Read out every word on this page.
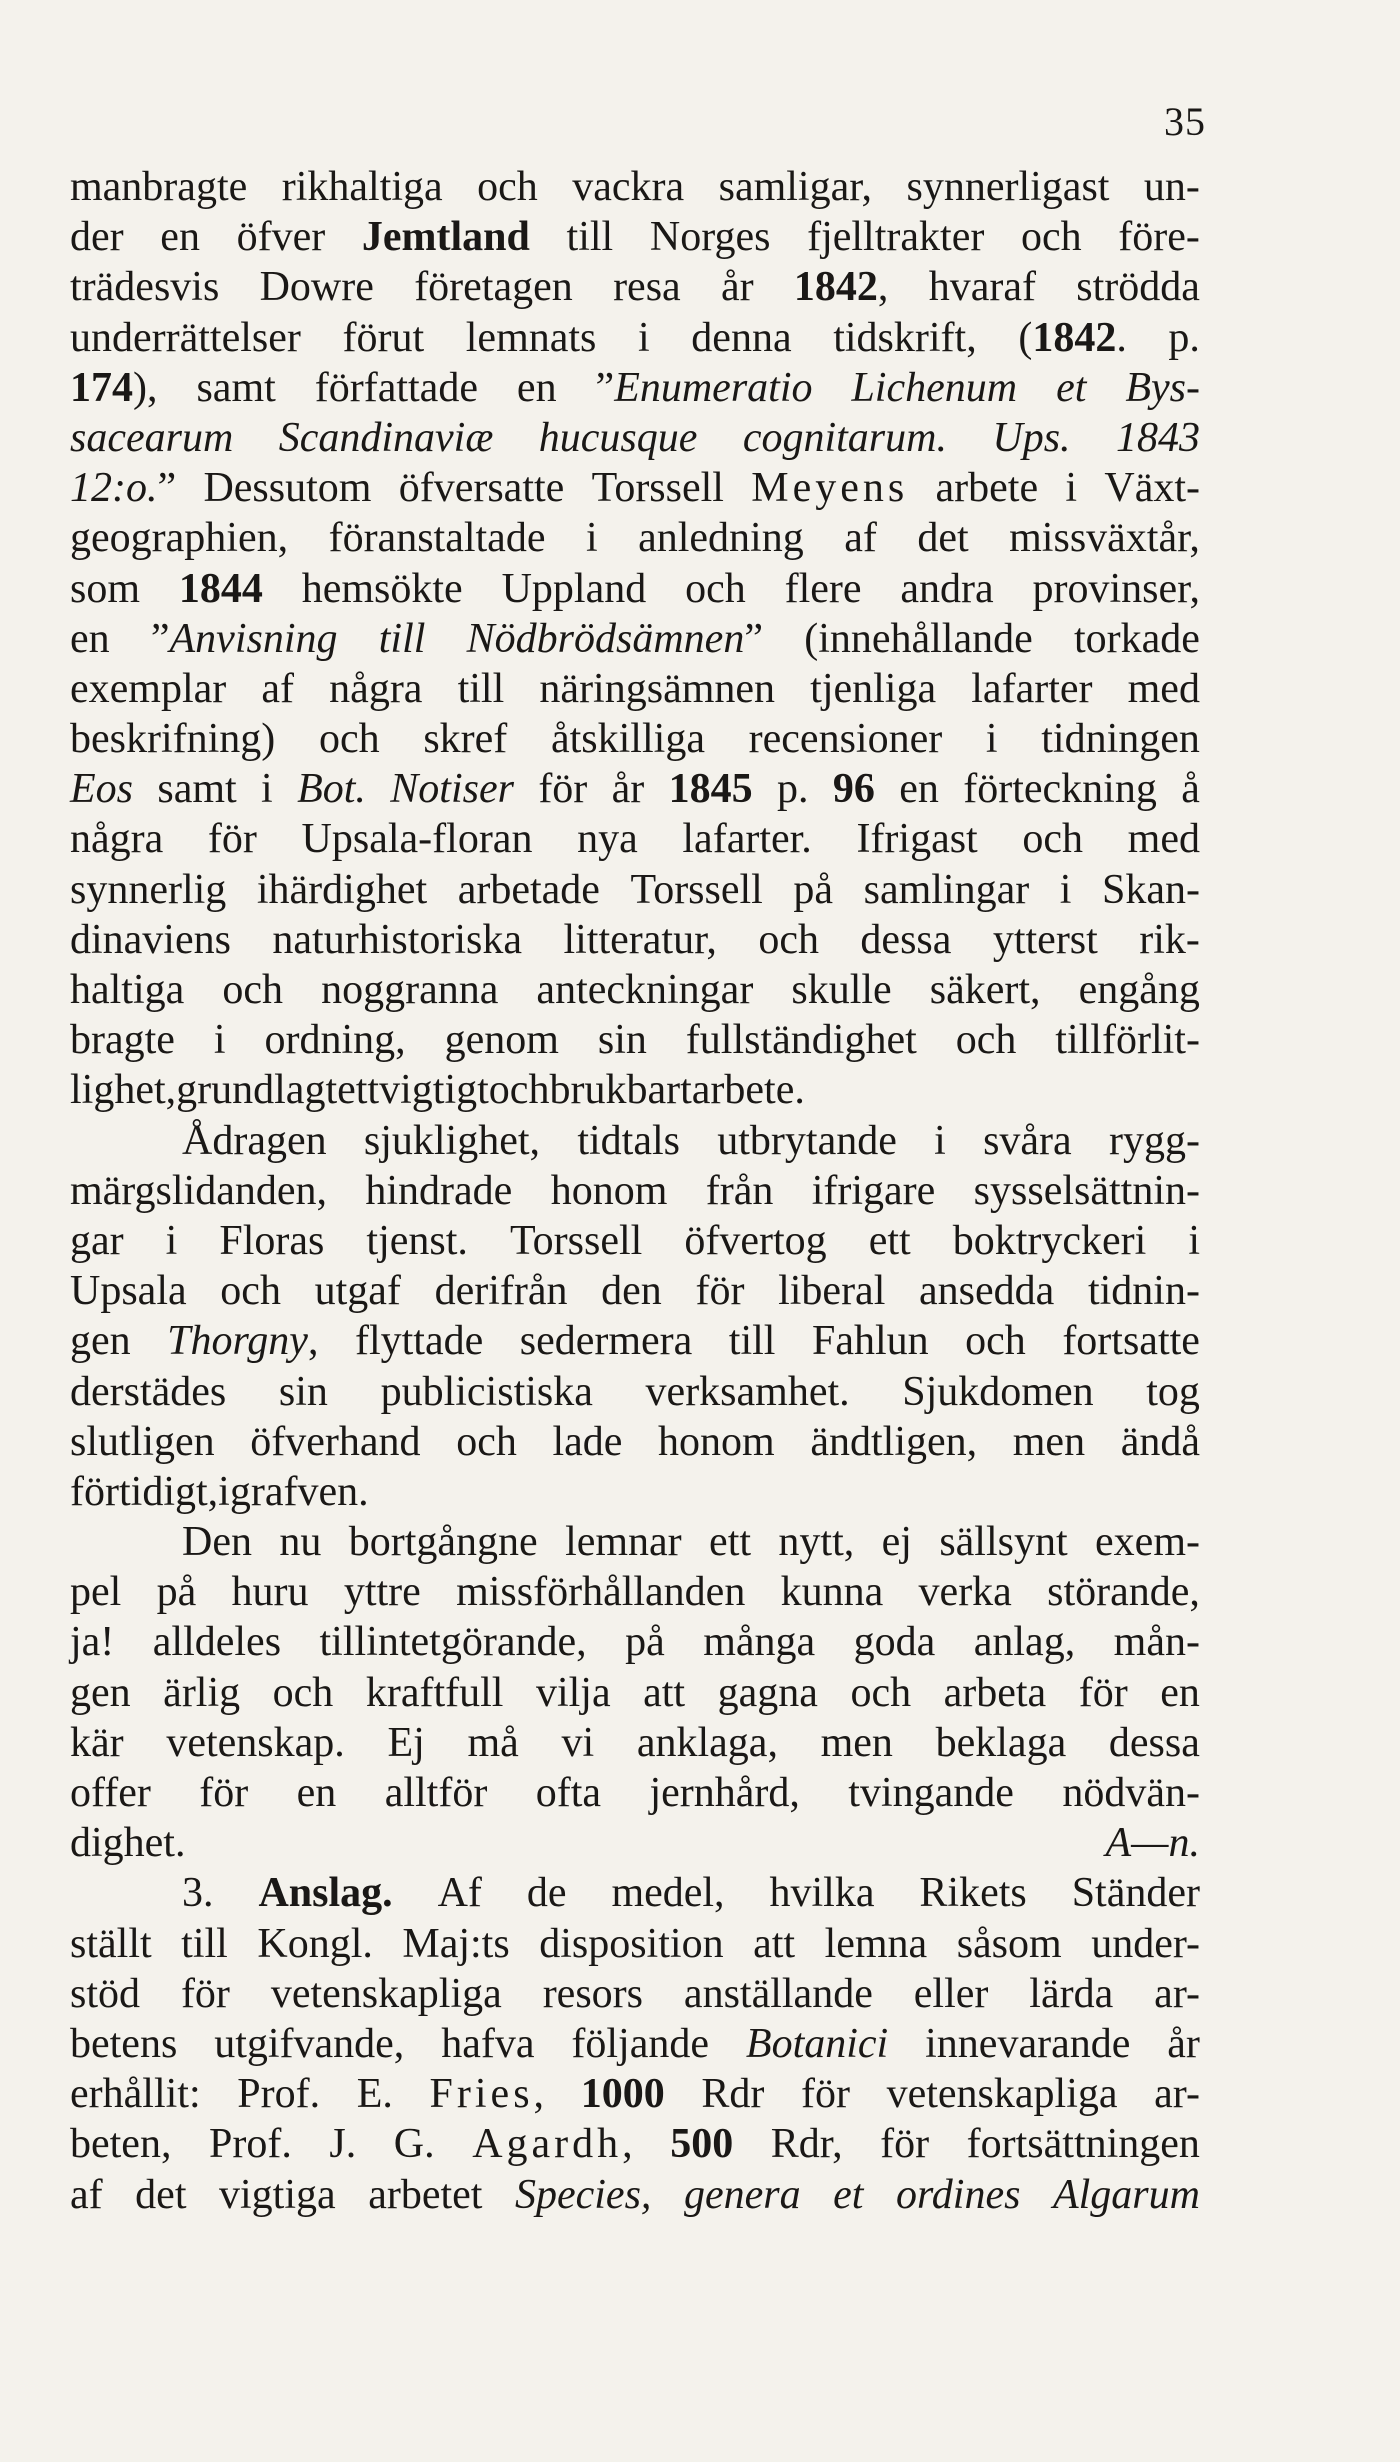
35
manbragte rikhaltiga och vackra samligar, synnerligast un-
der en öfver Jemtland till Norges fjelltrakter och före-
trädesvis Dowre företagen resa år 1842, hvaraf strödda
underrättelser förut lemnats i denna tidskrift, (1842. p.
174), samt författade en ”Enumeratio Lichenum et Bys-
sacearum Scandinaviæ hucusque cognitarum. Ups. 1843
12:o.” Dessutom öfversatte Torssell Meyens arbete i Växt-
geographien, föranstaltade i anledning af det missväxtår,
som 1844 hemsökte Uppland och flere andra provinser,
en ”Anvisning till Nödbrödsämnen” (innehållande torkade
exemplar af några till näringsämnen tjenliga lafarter med
beskrifning) och skref åtskilliga recensioner i tidningen
Eos samt i Bot. Notiser för år 1845 p. 96 en förteckning å
några för Upsala-floran nya lafarter. Ifrigast och med
synnerlig ihärdighet arbetade Torssell på samlingar i Skan-
dinaviens naturhistoriska litteratur, och dessa ytterst rik-
haltiga och noggranna anteckningar skulle säkert, engång
bragte i ordning, genom sin fullständighet och tillförlit-
lighet, grundlagt ett vigtigt och brukbart arbete.
Ådragen sjuklighet, tidtals utbrytande i svåra rygg-
märgslidanden, hindrade honom från ifrigare sysselsättnin-
gar i Floras tjenst. Torssell öfvertog ett boktryckeri i
Upsala och utgaf derifrån den för liberal ansedda tidnin-
gen Thorgny, flyttade sedermera till Fahlun och fortsatte
derstädes sin publicistiska verksamhet. Sjukdomen tog
slutligen öfverhand och lade honom ändtligen, men ändå
för tidigt, i grafven.
Den nu bortgångne lemnar ett nytt, ej sällsynt exem-
pel på huru yttre missförhållanden kunna verka störande,
ja! alldeles tillintetgörande, på många goda anlag, mån-
gen ärlig och kraftfull vilja att gagna och arbeta för en
kär vetenskap. Ej må vi anklaga, men beklaga dessa
offer för en alltför ofta jernhård, tvingande nödvän-
dighet.	A—n.
3. Anslag. Af de medel, hvilka Rikets Ständer
ställt till Kongl. Maj:ts disposition att lemna såsom under-
stöd för vetenskapliga resors anställande eller lärda ar-
betens utgifvande, hafva följande Botanici innevarande år
erhållit: Prof. E. Fries, 1000 Rdr för vetenskapliga ar-
beten, Prof. J. G. Agardh, 500 Rdr, för fortsättningen
af det vigtiga arbetet Species, genera et ordines Algarum
